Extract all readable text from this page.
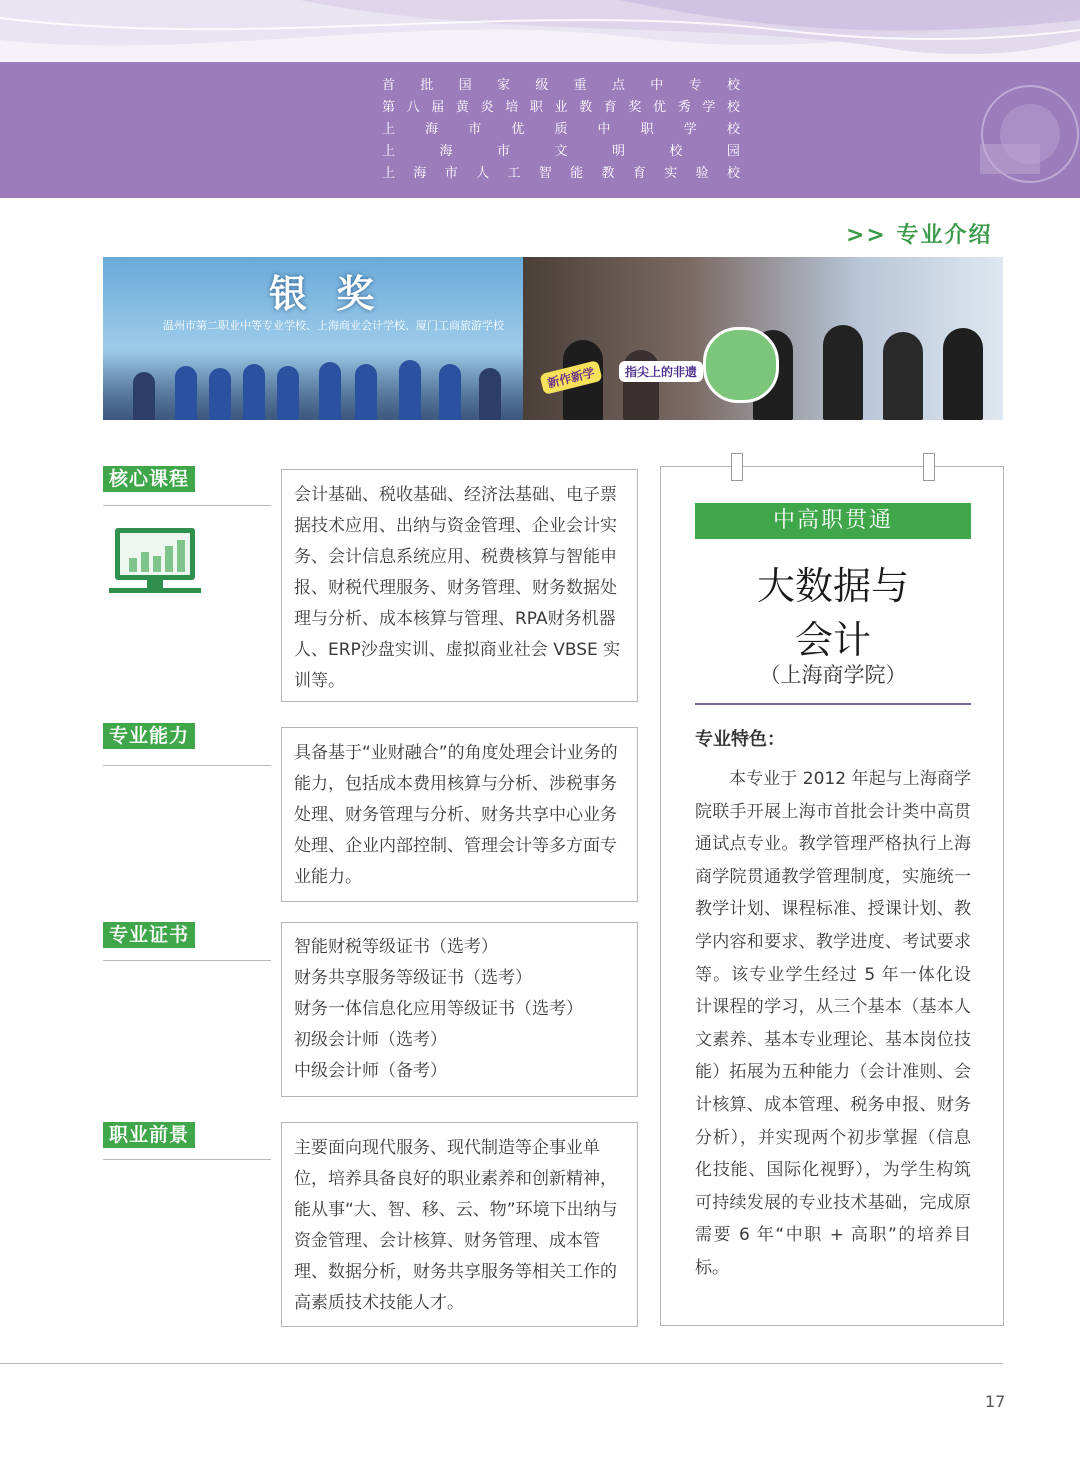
首 批 国 家 级 重 点 中 专 校
第 八 届 黄 炎 培 职 业 教 育 奖 优 秀 学 校
上 海 市 优 质 中 职 学 校
上	海	市	文	明	校	园
上 海 市 人 工 智 能 教 育 实 验 校
>> 专业介绍
银 奖
温州市第二职业中等专业学校、上海商业会计学校、厦门工商旅游学校
新作新学	指尖上的非遗
核心课程
专业能力
专业证书
职业前景

会计基础、税收基础、经济法基础、电子票据技术应用、出纳与资金管理、企业会计实务、会计信息系统应用、税费核算与智能申报、财税代理服务、财务管理、财务数据处理与分析、成本核算与管理、RPA财务机器人、ERP沙盘实训、虚拟商业社会 VBSE 实训等。

具备基于“业财融合”的角度处理会计业务的能力，包括成本费用核算与分析、涉税事务处理、财务管理与分析、财务共享中心业务处理、企业内部控制、管理会计等多方面专业能力。

智能财税等级证书（选考）

财务共享服务等级证书（选考）

财务一体信息化应用等级证书（选考）

初级会计师（选考）

中级会计师（备考）

主要面向现代服务、现代制造等企事业单位，培养具备良好的职业素养和创新精神，能从事“大、智、移、云、物”环境下出纳与资金管理、会计核算、财务管理、成本管理、数据分析，财务共享服务等相关工作的高素质技术技能人才。

中高职贯通
大数据与
会计
（上海商学院）
专业特色：

本专业于 2012 年起与上海商学院联手开展上海市首批会计类中高贯通试点专业。教学管理严格执行上海商学院贯通教学管理制度，实施统一教学计划、课程标准、授课计划、教学内容和要求、教学进度、考试要求等。该专业学生经过 5 年一体化设计课程的学习，从三个基本（基本人文素养、基本专业理论、基本岗位技能）拓展为五种能力（会计准则、会计核算、成本管理、税务申报、财务分析），并实现两个初步掌握（信息化技能、国际化视野），为学生构筑可持续发展的专业技术基础，完成原需要 6 年“中职 + 高职”的培养目标。

17
